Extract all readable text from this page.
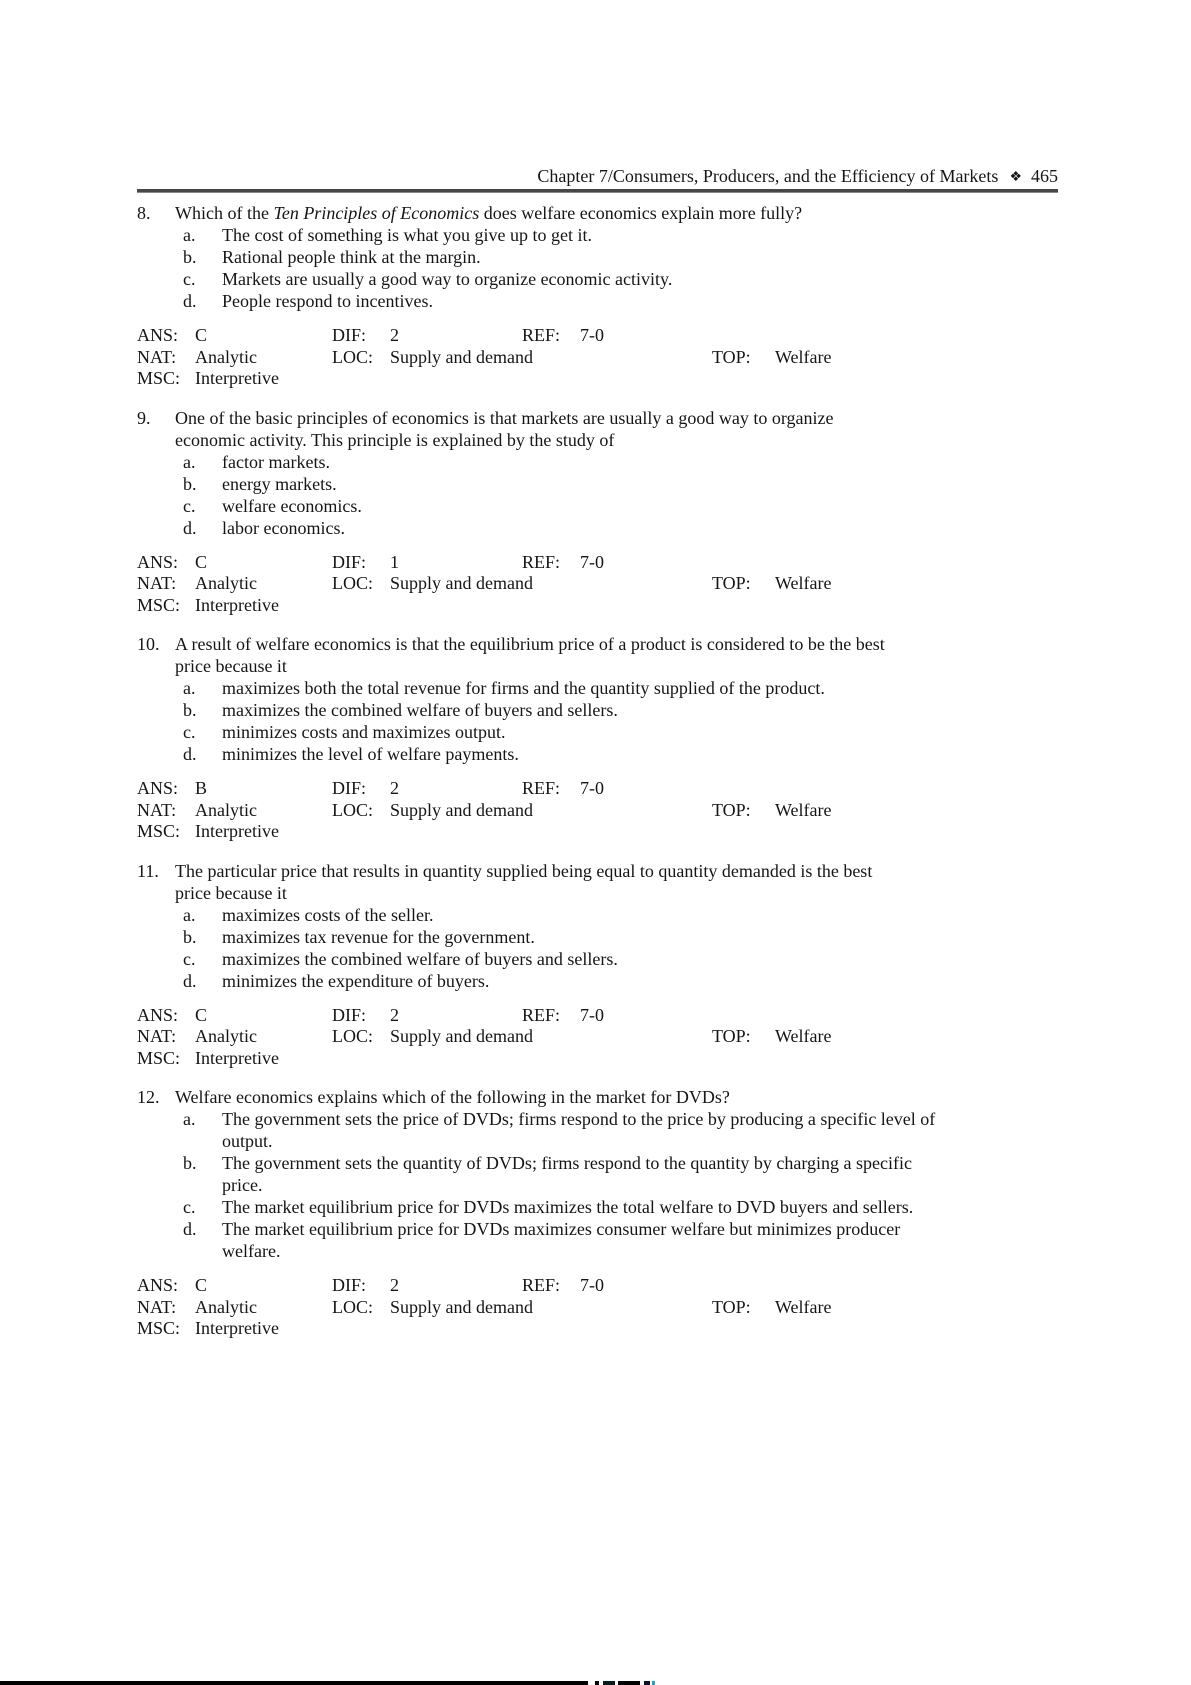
Chapter 7/Consumers, Producers, and the Efficiency of Markets ❖ 465
8. Which of the Ten Principles of Economics does welfare economics explain more fully?
a. The cost of something is what you give up to get it.
b. Rational people think at the margin.
c. Markets are usually a good way to organize economic activity.
d. People respond to incentives.
ANS: C	DIF: 2	REF: 7-0
NAT: Analytic	LOC: Supply and demand	TOP: Welfare
MSC: Interpretive
9. One of the basic principles of economics is that markets are usually a good way to organize
economic activity. This principle is explained by the study of
a. factor markets.
b. energy markets.
c. welfare economics.
d. labor economics.
ANS: C	DIF: 1	REF: 7-0
NAT: Analytic	LOC: Supply and demand	TOP: Welfare
MSC: Interpretive
10. A result of welfare economics is that the equilibrium price of a product is considered to be the best
price because it
a. maximizes both the total revenue for firms and the quantity supplied of the product.
b. maximizes the combined welfare of buyers and sellers.
c. minimizes costs and maximizes output.
d. minimizes the level of welfare payments.
ANS: B	DIF: 2	REF: 7-0
NAT: Analytic	LOC: Supply and demand	TOP: Welfare
MSC: Interpretive
11. The particular price that results in quantity supplied being equal to quantity demanded is the best
price because it
a. maximizes costs of the seller.
b. maximizes tax revenue for the government.
c. maximizes the combined welfare of buyers and sellers.
d. minimizes the expenditure of buyers.
ANS: C	DIF: 2	REF: 7-0
NAT: Analytic	LOC: Supply and demand	TOP: Welfare
MSC: Interpretive
12. Welfare economics explains which of the following in the market for DVDs?
a. The government sets the price of DVDs; firms respond to the price by producing a specific level of
output.
b. The government sets the quantity of DVDs; firms respond to the quantity by charging a specific
price.
c. The market equilibrium price for DVDs maximizes the total welfare to DVD buyers and sellers.
d. The market equilibrium price for DVDs maximizes consumer welfare but minimizes producer
welfare.
ANS: C	DIF: 2	REF: 7-0
NAT: Analytic	LOC: Supply and demand	TOP: Welfare
MSC: Interpretive
